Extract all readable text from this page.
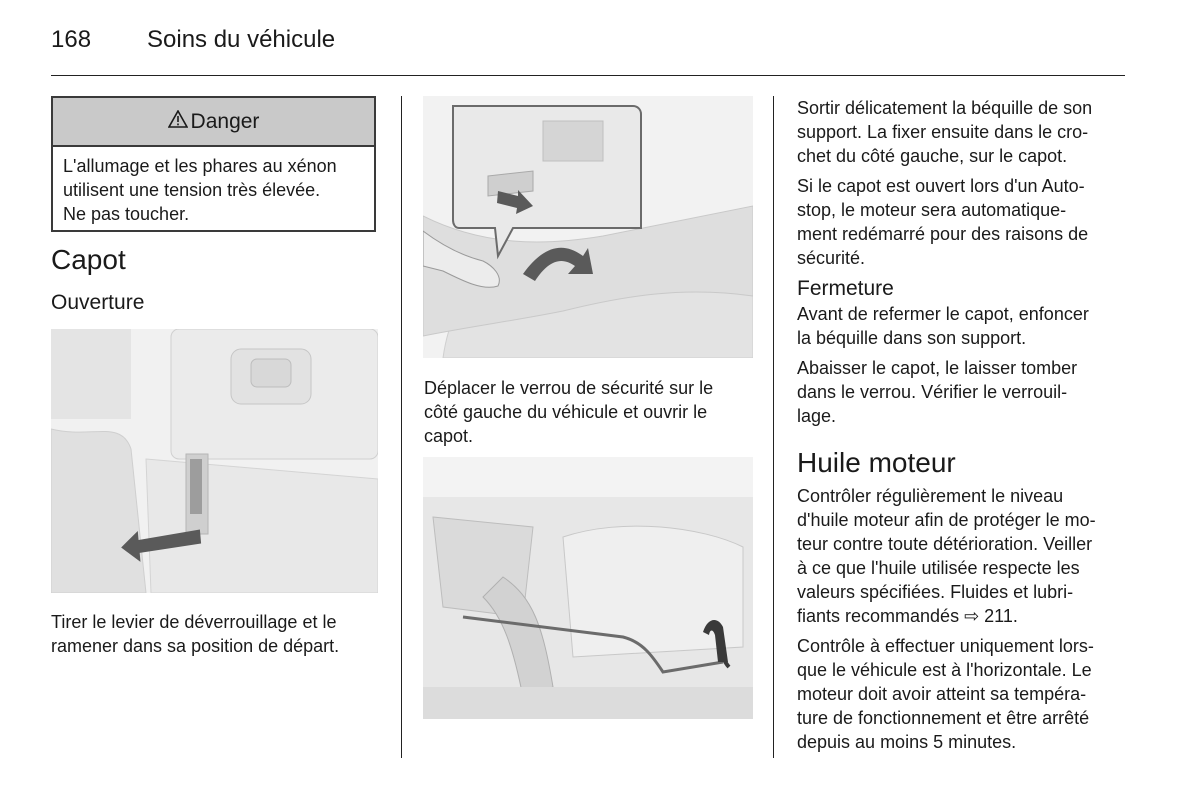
168 Soins du véhicule
Danger
L'allumage et les phares au xénon
utilisent une tension très élevée.
Ne pas toucher.
Capot
Ouverture
Tirer le levier de déverrouillage et le
ramener dans sa position de départ.
Déplacer le verrou de sécurité sur le
côté gauche du véhicule et ouvrir le
capot.

Sortir délicatement la béquille de son
support. La fixer ensuite dans le cro-
chet du côté gauche, sur le capot.

Si le capot est ouvert lors d'un Auto-
stop, le moteur sera automatique-
ment redémarré pour des raisons de
sécurité.

Fermeture

Avant de refermer le capot, enfoncer
la béquille dans son support.

Abaisser le capot, le laisser tomber
dans le verrou. Vérifier le verrouil-
lage.

Huile moteur

Contrôler régulièrement le niveau
d'huile moteur afin de protéger le mo-
teur contre toute détérioration. Veiller
à ce que l'huile utilisée respecte les
valeurs spécifiées. Fluides et lubri-
fiants recommandés ⇨ 211.

Contrôle à effectuer uniquement lors-
que le véhicule est à l'horizontale. Le
moteur doit avoir atteint sa tempéra-
ture de fonctionnement et être arrêté
depuis au moins 5 minutes.
